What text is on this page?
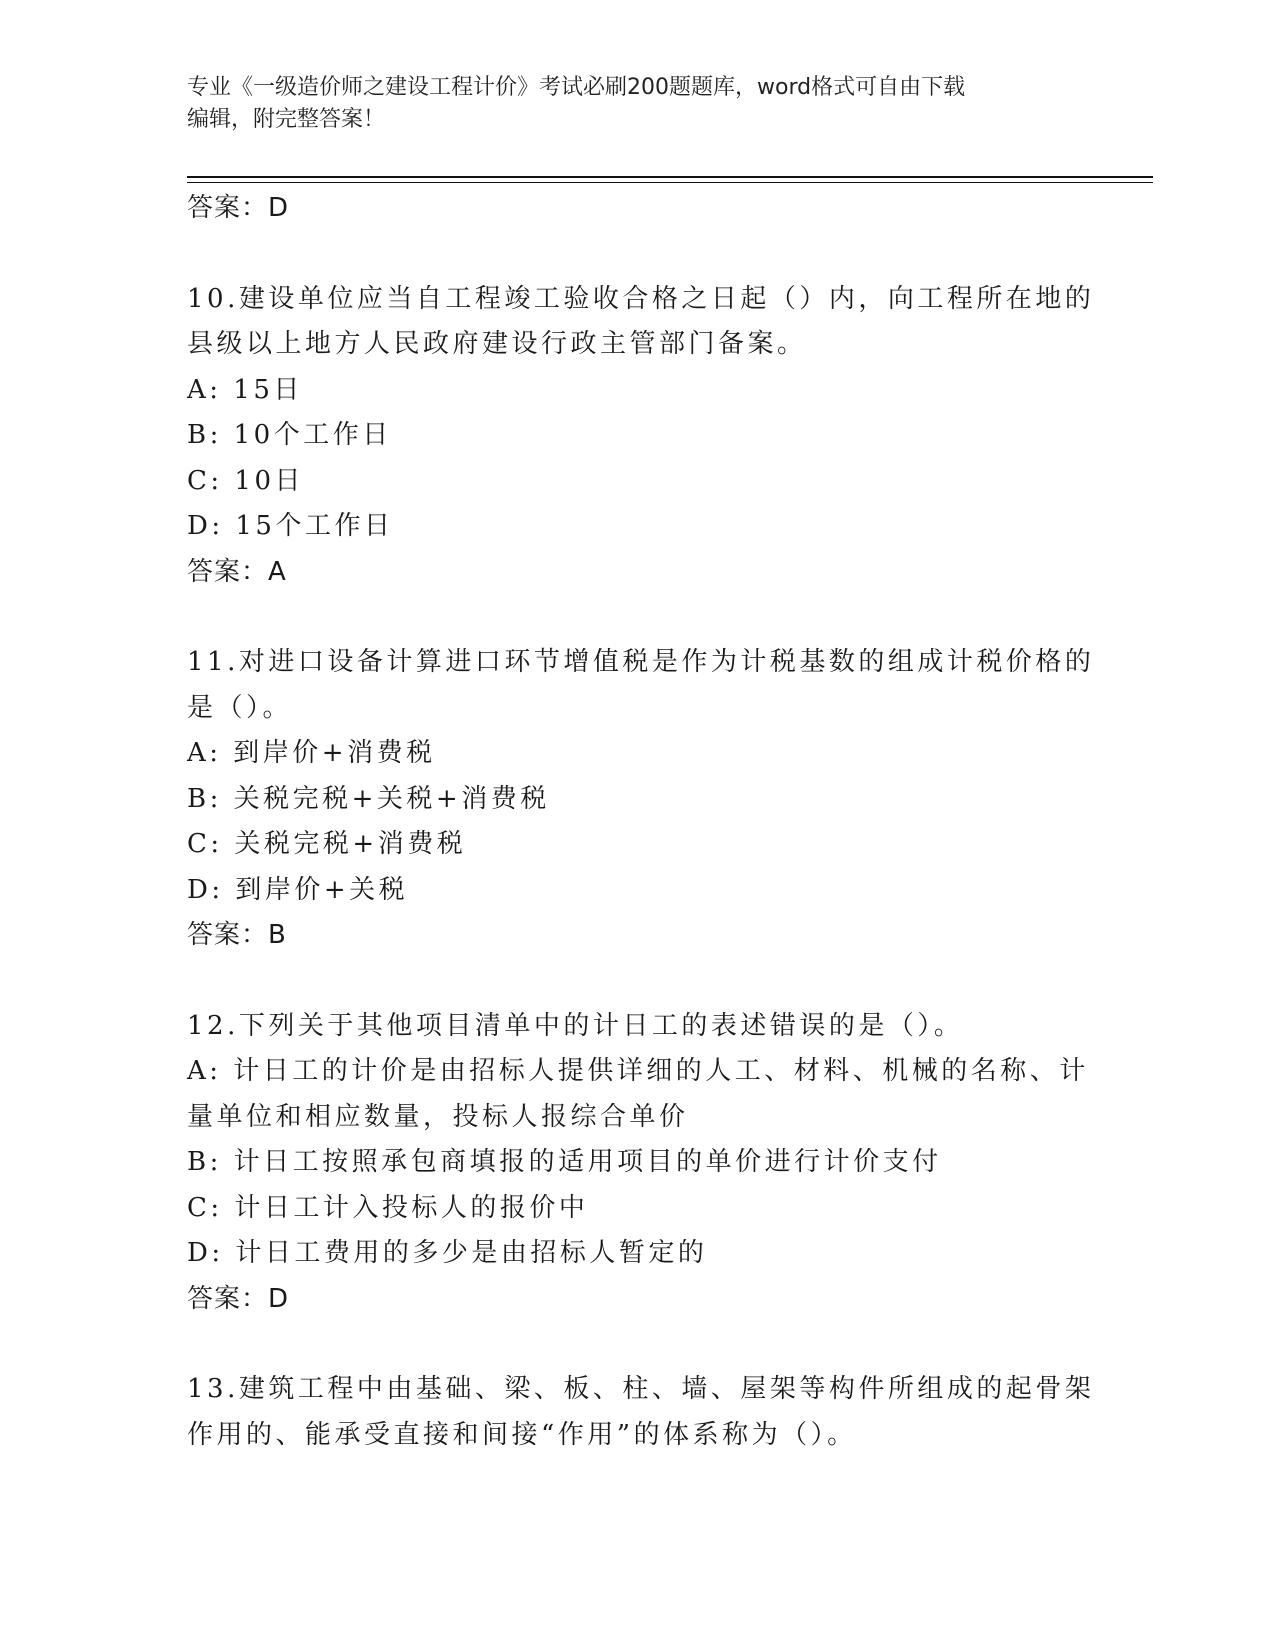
专业《一级造价师之建设工程计价》考试必刷200题题库，word格式可自由下载
编辑，附完整答案！
答案：D
10.建设单位应当自工程竣工验收合格之日起（）内，向工程所在地的
县级以上地方人民政府建设行政主管部门备案。
A: 15日
B: 10个工作日
C: 10日
D: 15个工作日
答案：A
11.对进口设备计算进口环节增值税是作为计税基数的组成计税价格的
是（）。
A: 到岸价+消费税
B: 关税完税+关税+消费税
C: 关税完税+消费税
D: 到岸价+关税
答案：B
12.下列关于其他项目清单中的计日工的表述错误的是（）。
A: 计日工的计价是由招标人提供详细的人工、材料、机械的名称、计
量单位和相应数量，投标人报综合单价
B: 计日工按照承包商填报的适用项目的单价进行计价支付
C: 计日工计入投标人的报价中
D: 计日工费用的多少是由招标人暂定的
答案：D
13.建筑工程中由基础、梁、板、柱、墙、屋架等构件所组成的起骨架
作用的、能承受直接和间接“作用”的体系称为（）。
